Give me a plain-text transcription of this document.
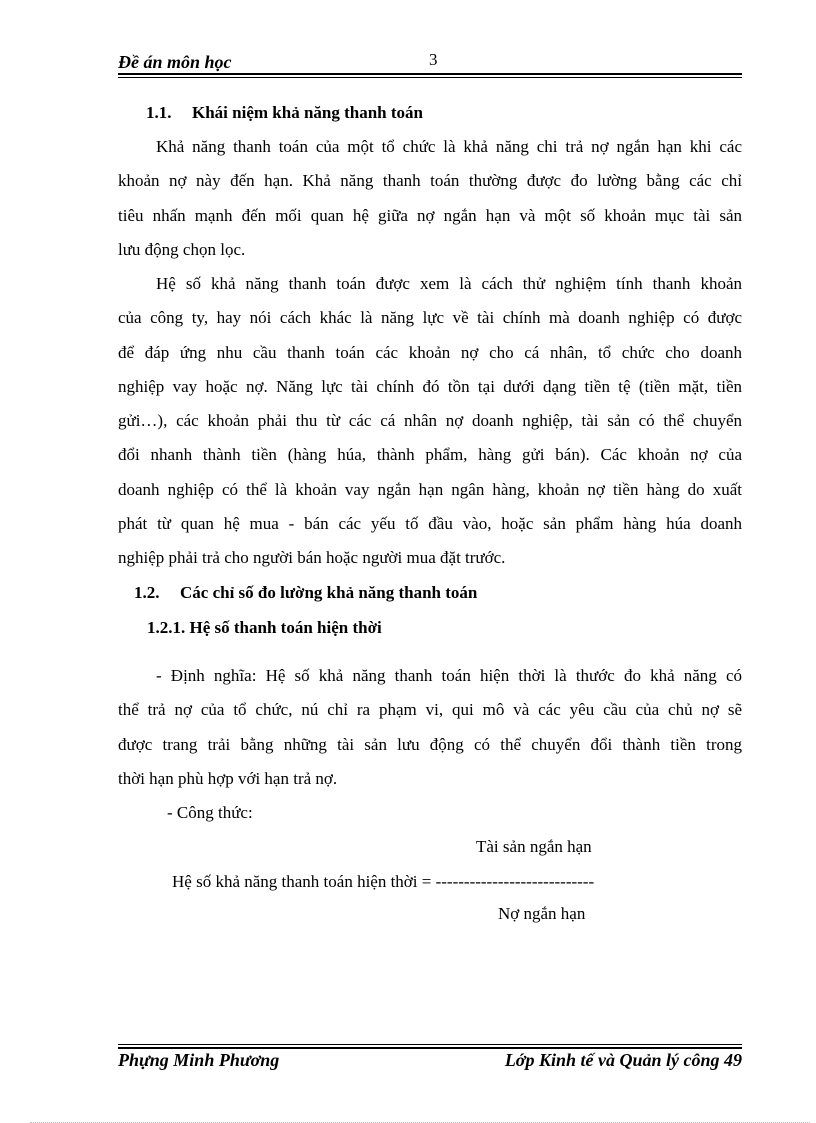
Đề án môn học	3
1.1. Khái niệm khả năng thanh toán
Khả năng thanh toán của một tổ chức là khả năng chi trả nợ ngắn hạn khi các
khoản nợ này đến hạn. Khả năng thanh toán thường được đo lường bằng các chỉ
tiêu nhấn mạnh đến mối quan hệ giữa nợ ngắn hạn và một số khoản mục tài sản
lưu động chọn lọc.
Hệ số khả năng thanh toán được xem là cách thử nghiệm tính thanh khoản
của công ty, hay nói cách khác là năng lực về tài chính mà doanh nghiệp có được
để đáp ứng nhu cầu thanh toán các khoản nợ cho cá nhân, tổ chức cho doanh
nghiệp vay hoặc nợ. Năng lực tài chính đó tồn tại dưới dạng tiền tệ (tiền mặt, tiền
gửi…), các khoản phải thu từ các cá nhân nợ doanh nghiệp, tài sản có thể chuyển
đổi nhanh thành tiền (hàng húa, thành phẩm, hàng gửi bán). Các khoản nợ của
doanh nghiệp có thể là khoản vay ngắn hạn ngân hàng, khoản nợ tiền hàng do xuất
phát từ quan hệ mua - bán các yếu tố đầu vào, hoặc sản phẩm hàng húa doanh
nghiệp phải trả cho người bán hoặc người mua đặt trước.
1.2. Các chỉ số đo lường khả năng thanh toán
1.2.1. Hệ số thanh toán hiện thời
- Định nghĩa: Hệ số khả năng thanh toán hiện thời là thước đo khả năng có
thể trả nợ của tổ chức, nú chỉ ra phạm vi, qui mô và các yêu cầu của chủ nợ sẽ
được trang trải bằng những tài sản lưu động có thể chuyển đổi thành tiền trong
thời hạn phù hợp với hạn trả nợ.
- Công thức:
Tài sản ngắn hạn
Hệ số khả năng thanh toán hiện thời = ----------------------------
Nợ ngắn hạn
Phựng Minh Phương	Lớp Kinh tế và Quản lý công 49
